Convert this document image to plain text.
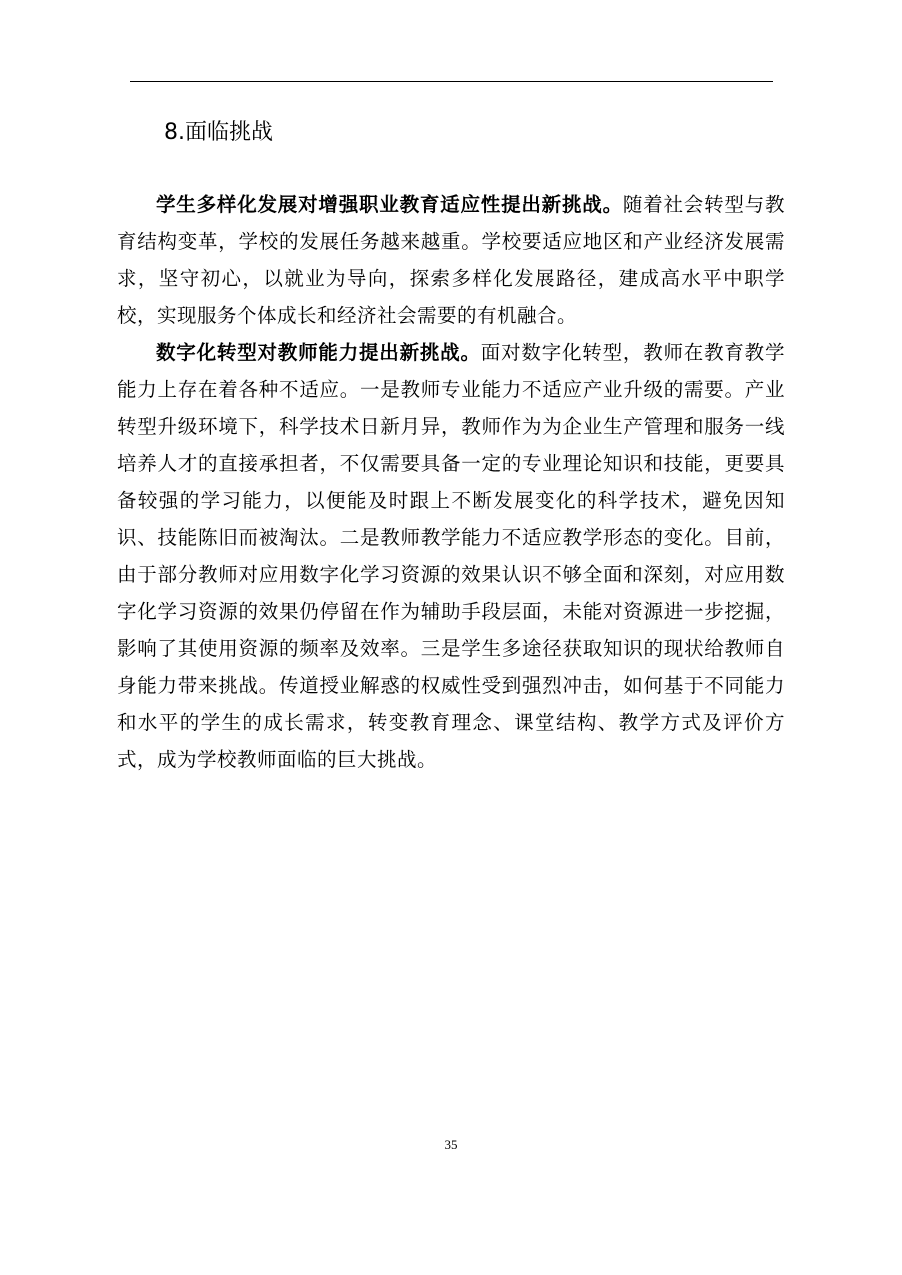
8.面临挑战

学生多样化发展对增强职业教育适应性提出新挑战。随着社会转型与教育结构变革，学校的发展任务越来越重。学校要适应地区和产业经济发展需求，坚守初心，以就业为导向，探索多样化发展路径，建成高水平中职学校，实现服务个体成长和经济社会需要的有机融合。

数字化转型对教师能力提出新挑战。面对数字化转型，教师在教育教学能力上存在着各种不适应。一是教师专业能力不适应产业升级的需要。产业转型升级环境下，科学技术日新月异，教师作为为企业生产管理和服务一线培养人才的直接承担者，不仅需要具备一定的专业理论知识和技能，更要具备较强的学习能力，以便能及时跟上不断发展变化的科学技术，避免因知识、技能陈旧而被淘汰。二是教师教学能力不适应教学形态的变化。目前，由于部分教师对应用数字化学习资源的效果认识不够全面和深刻，对应用数字化学习资源的效果仍停留在作为辅助手段层面，未能对资源进一步挖掘，影响了其使用资源的频率及效率。三是学生多途径获取知识的现状给教师自身能力带来挑战。传道授业解惑的权威性受到强烈冲击，如何基于不同能力和水平的学生的成长需求，转变教育理念、课堂结构、教学方式及评价方式，成为学校教师面临的巨大挑战。

35
